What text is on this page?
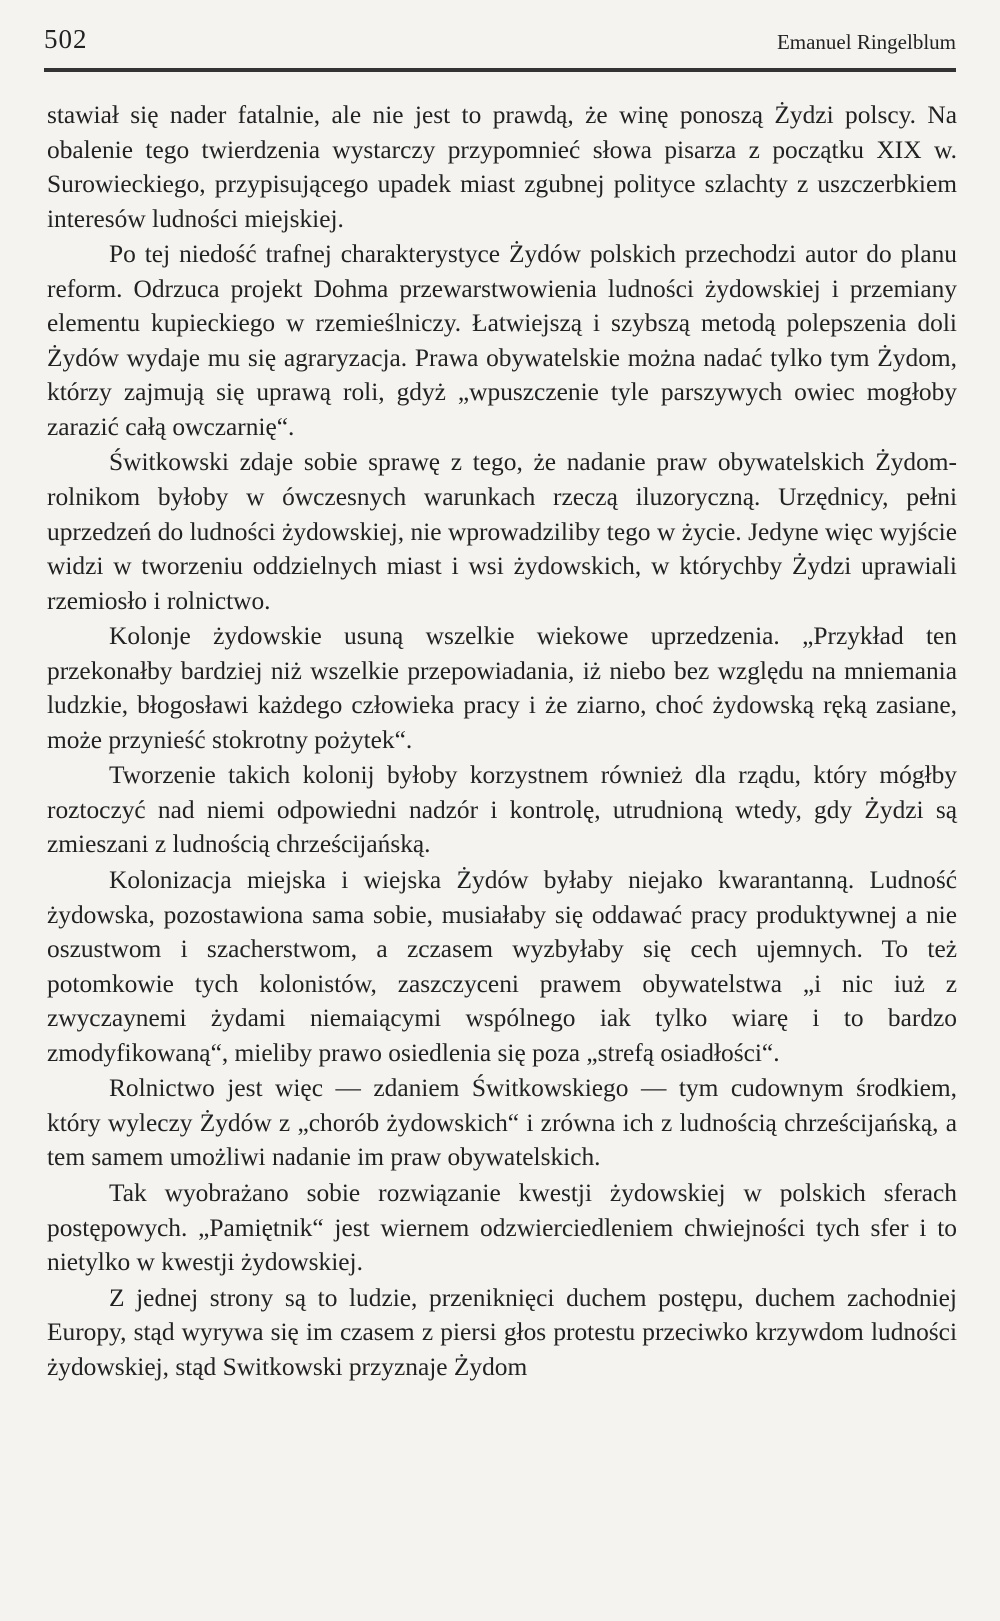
502	Emanuel Ringelblum

stawiał się nader fatalnie, ale nie jest to prawdą, że winę ponoszą Żydzi polscy. Na obalenie tego twierdzenia wystarczy przypomnieć słowa pisarza z początku XIX w. Surowieckiego, przypisującego upadek miast zgubnej polityce szlachty z uszczerbkiem interesów ludności miejskiej.

Po tej niedość trafnej charakterystyce Żydów polskich przechodzi autor do planu reform. Odrzuca projekt Dohma przewarstwowienia ludności żydowskiej i przemiany elementu kupieckiego w rzemieślniczy. Łatwiejszą i szybszą metodą polepszenia doli Żydów wydaje mu się agraryzacja. Prawa obywatelskie można nadać tylko tym Żydom, którzy zajmują się uprawą roli, gdyż „wpuszczenie tyle parszywych owiec mogłoby zarazić całą owczarnię“.

Świtkowski zdaje sobie sprawę z tego, że nadanie praw obywatelskich Żydom-rolnikom byłoby w ówczesnych warunkach rzeczą iluzoryczną. Urzędnicy, pełni uprzedzeń do ludności żydowskiej, nie wprowadziliby tego w życie. Jedyne więc wyjście widzi w tworzeniu oddzielnych miast i wsi żydowskich, w którychby Żydzi uprawiali rzemiosło i rolnictwo.

Kolonje żydowskie usuną wszelkie wiekowe uprzedzenia. „Przykład ten przekonałby bardziej niż wszelkie przepowiadania, iż niebo bez względu na mniemania ludzkie, błogosławi każdego człowieka pracy i że ziarno, choć żydowską ręką zasiane, może przynieść stokrotny pożytek“.

Tworzenie takich kolonij byłoby korzystnem również dla rządu, który mógłby roztoczyć nad niemi odpowiedni nadzór i kontrolę, utrudnioną wtedy, gdy Żydzi są zmieszani z ludnością chrześcijańską.

Kolonizacja miejska i wiejska Żydów byłaby niejako kwarantanną. Ludność żydowska, pozostawiona sama sobie, musiałaby się oddawać pracy produktywnej a nie oszustwom i szacherstwom, a zczasem wyzbyłaby się cech ujemnych. To też potomkowie tych kolonistów, zaszczyceni prawem obywatelstwa „i nic iuż z zwyczaynemi żydami niemaiącymi wspólnego iak tylko wiarę i to bardzo zmodyfikowaną“, mieliby prawo osiedlenia się poza „strefą osiadłości“.

Rolnictwo jest więc — zdaniem Świtkowskiego — tym cudownym środkiem, który wyleczy Żydów z „chorób żydowskich“ i zrówna ich z ludnością chrześcijańską, a tem samem umożliwi nadanie im praw obywatelskich.

Tak wyobrażano sobie rozwiązanie kwestji żydowskiej w polskich sferach postępowych. „Pamiętnik“ jest wiernem odzwierciedleniem chwiejności tych sfer i to nietylko w kwestji żydowskiej.

Z jednej strony są to ludzie, przeniknięci duchem postępu, duchem zachodniej Europy, stąd wyrywa się im czasem z piersi głos protestu przeciwko krzywdom ludności żydowskiej, stąd Switkowski przyznaje Żydom
